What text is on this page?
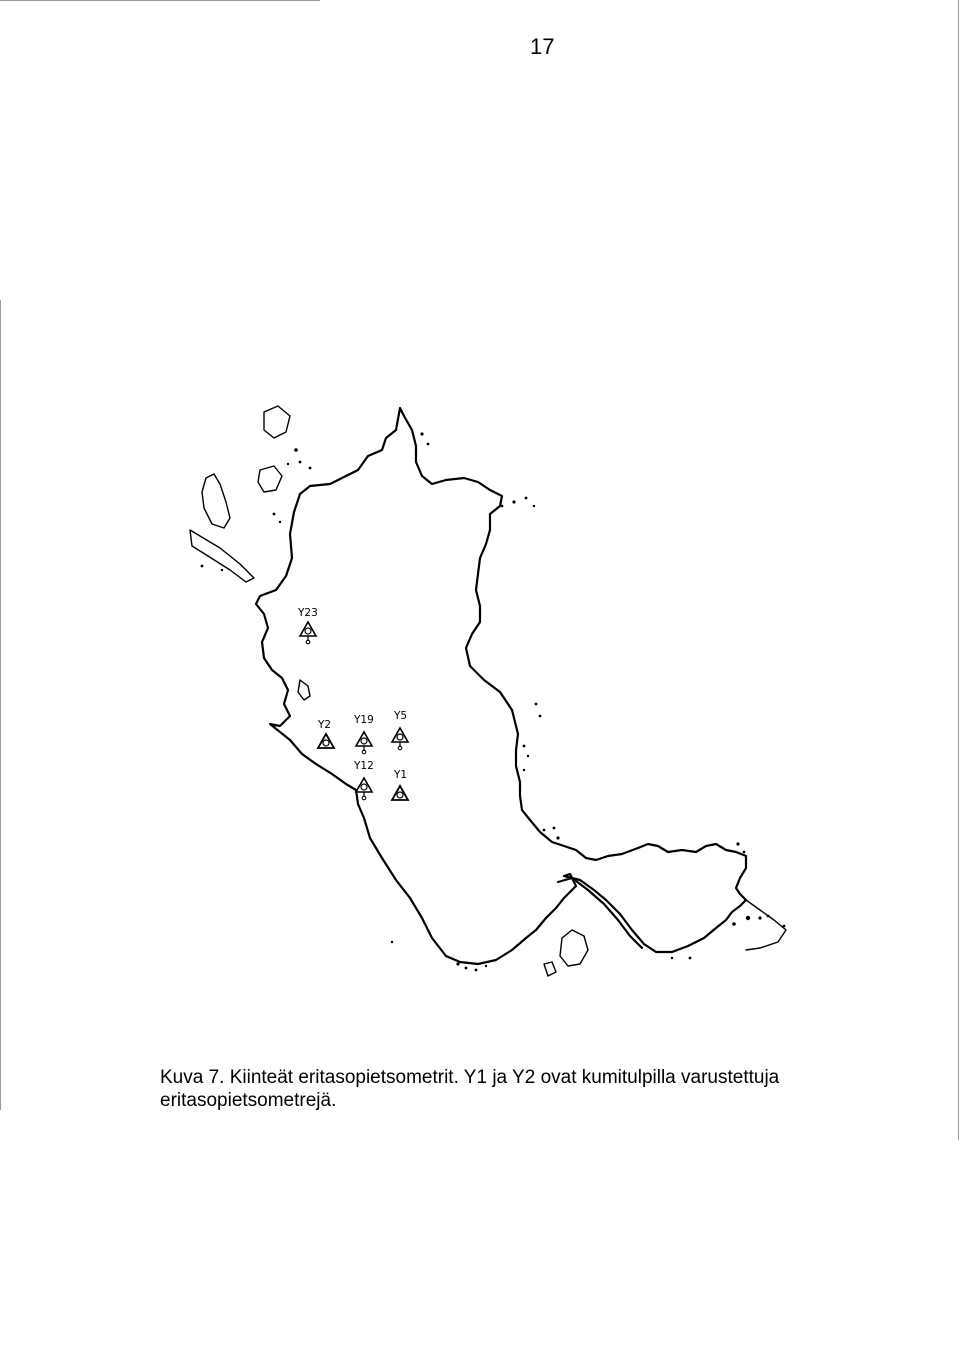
17
Y23
Y2 Y19 Y5
Y12
Y1
Kuva 7. Kiinteät eritasopietsometrit. Y1 ja Y2 ovat kumitulpilla varustettuja
eritasopietsometrejä.
